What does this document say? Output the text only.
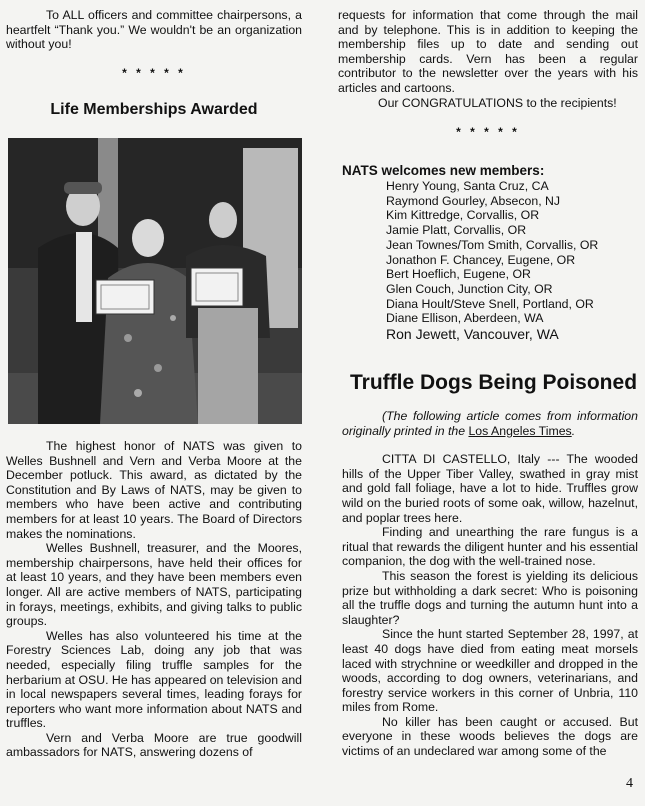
To ALL officers and committee chairpersons, a heartfelt “Thank you.” We wouldn't be an organization without you!

* * * * *
Life Memberships Awarded

The highest honor of NATS was given to Welles Bushnell and Vern and Verba Moore at the December potluck. This award, as dictated by the Constitution and By Laws of NATS, may be given to members who have been active and contributing members for at least 10 years. The Board of Directors makes the nominations.

Welles Bushnell, treasurer, and the Moores, membership chairpersons, have held their offices for at least 10 years, and they have been members even longer. All are active members of NATS, participating in forays, meetings, exhibits, and giving talks to public groups.

Welles has also volunteered his time at the Forestry Sciences Lab, doing any job that was needed, especially filing truffle samples for the herbarium at OSU. He has appeared on television and in local newspapers several times, leading forays for reporters who want more information about NATS and truffles.

Vern and Verba Moore are true goodwill ambassadors for NATS, answering dozens of

requests for information that come through the mail and by telephone. This is in addition to keeping the membership files up to date and sending out membership cards. Vern has been a regular contributor to the newsletter over the years with his articles and cartoons.

Our CONGRATULATIONS to the recipients!

* * * * *
NATS welcomes new members:
Henry Young, Santa Cruz, CA
Raymond Gourley, Absecon, NJ
Kim Kittredge, Corvallis, OR
Jamie Platt, Corvallis, OR
Jean Townes/Tom Smith, Corvallis, OR
Jonathon F. Chancey, Eugene, OR
Bert Hoeflich, Eugene, OR
Glen Couch, Junction City, OR
Diana Hoult/Steve Snell, Portland, OR
Diane Ellison, Aberdeen, WA
Ron Jewett, Vancouver, WA
Truffle Dogs Being Poisoned

(The following article comes from information originally printed in the Los Angeles Times.

CITTA DI CASTELLO, Italy --- The wooded hills of the Upper Tiber Valley, swathed in gray mist and gold fall foliage, have a lot to hide. Truffles grow wild on the buried roots of some oak, willow, hazelnut, and poplar trees here.

Finding and unearthing the rare fungus is a ritual that rewards the diligent hunter and his essential companion, the dog with the well-trained nose.

This season the forest is yielding its delicious prize but withholding a dark secret: Who is poisoning all the truffle dogs and turning the autumn hunt into a slaughter?

Since the hunt started September 28, 1997, at least 40 dogs have died from eating meat morsels laced with strychnine or weedkiller and dropped in the woods, according to dog owners, veterinarians, and forestry service workers in this corner of Unbria, 110 miles from Rome.

No killer has been caught or accused. But everyone in these woods believes the dogs are victims of an undeclared war among some of the

4
